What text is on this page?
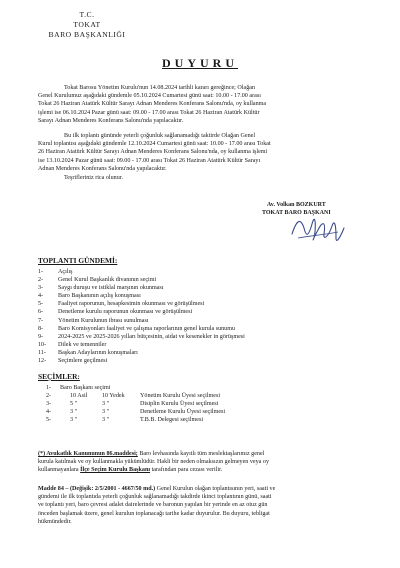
T.C.
TOKAT
BARO BAŞKANLIĞI
DUYURU
Tokat Barosu Yönetim Kurulu'nun 14.08.2024 tarihli kararı gereğince; Olağan
Genel Kurulumuz aşağıdaki gündemle 05.10.2024 Cumartesi günü saat: 10.00 - 17.00 arası
Tokat 26 Haziran Atatürk Kültür Sarayı Adnan Menderes Konferans Salonu'nda, oy kullanma
işlemi ise 06.10.2024 Pazar günü saat: 09.00 - 17.00 arası Tokat 26 Haziran Atatürk Kültür
Sarayı Adnan Menderes Konferans Salonu'nda yapılacaktır.
Bu ilk toplantı gününde yeterli çoğunluk sağlanamadığı taktirde Olağan Genel
Kurul toplantısı aşağıdaki gündemle 12.10.2024 Cumartesi günü saat: 10.00 - 17.00 arası Tokat
26 Haziran Atatürk Kültür Sarayı Adnan Menderes Konferans Salonu'nda, oy kullanma işlemi
ise 13.10.2024 Pazar günü saat: 09.00 - 17.00 arası Tokat 26 Haziran Atatürk Kültür Sarayı
Adnan Menderes Konferans Salonu'nda yapılacaktır.
Teşrifleriniz rica olunur.
Av. Volkan BOZKURT
TOKAT BARO BAŞKANI
TOPLANTI GÜNDEMİ:
1- Açılış
2- Genel Kurul Başkanlık divanının seçimi
3- Saygı duruşu ve istiklal marşının okunması
4- Baro Başkanının açılış konuşması
5- Faaliyet raporunun, hesapkesimin okunması ve görüşülmesi
6- Denetleme kurulu raporunun okunması ve görüşülmesi
7- Yönetim Kurulunun ibrası sunulması
8- Baro Komisyonları faaliyet ve çalışma raporlarının genel kurula sunumu
9- 2024-2025 ve 2025-2026 yılları bütçesinin, aidat ve kesenekler in görüşmesi
10- Dilek ve temenniler
11- Başkan Adaylarının konuşmaları
12- Seçimlere geçilmesi
SEÇİMLER:
1- Baro Başkanı seçimi
2-	10 Asil 10 Yedek	Yönetim Kurulu Üyesi seçilmesi
3-	5 "	3 "	Disiplin Kurulu Üyesi seçilmesi
4-	3 "	3 "	Denetleme Kurulu Üyesi seçilmesi
5-	3 "	3 "	T.B.B. Delegesi seçilmesi
(*) Avukatlık Kanununun 86.maddesi; Baro levhasında kayıtlı tüm meslektaşlarımız genel
kurula katılmak ve oy kullanmakla yükümlüdür. Hakli bir neden olmaksızın gelmeyen veya oy
kullanmayanlara İlçe Seçim Kurulu Başkanı tarafından para cezası verilir.
Madde 84 – (Değişik: 2/5/2001 - 4667/50 md.) Genel Kurulun olağan toplantısının yeri, saati ve
gündemi ile ilk toplantıda yeterli çoğunluk sağlanamadığı takdirde ikinci toplantının günü, saati
ve toplantı yeri, baro çevresi adalet dairelerinde ve baronun yapılan bir yerinde en az otuz gün
önceden başlamak üzere, genel kurulun toplanacağı tarihe kadar duyurulur. Bu duyuru, tebligat
hükmündedir.
